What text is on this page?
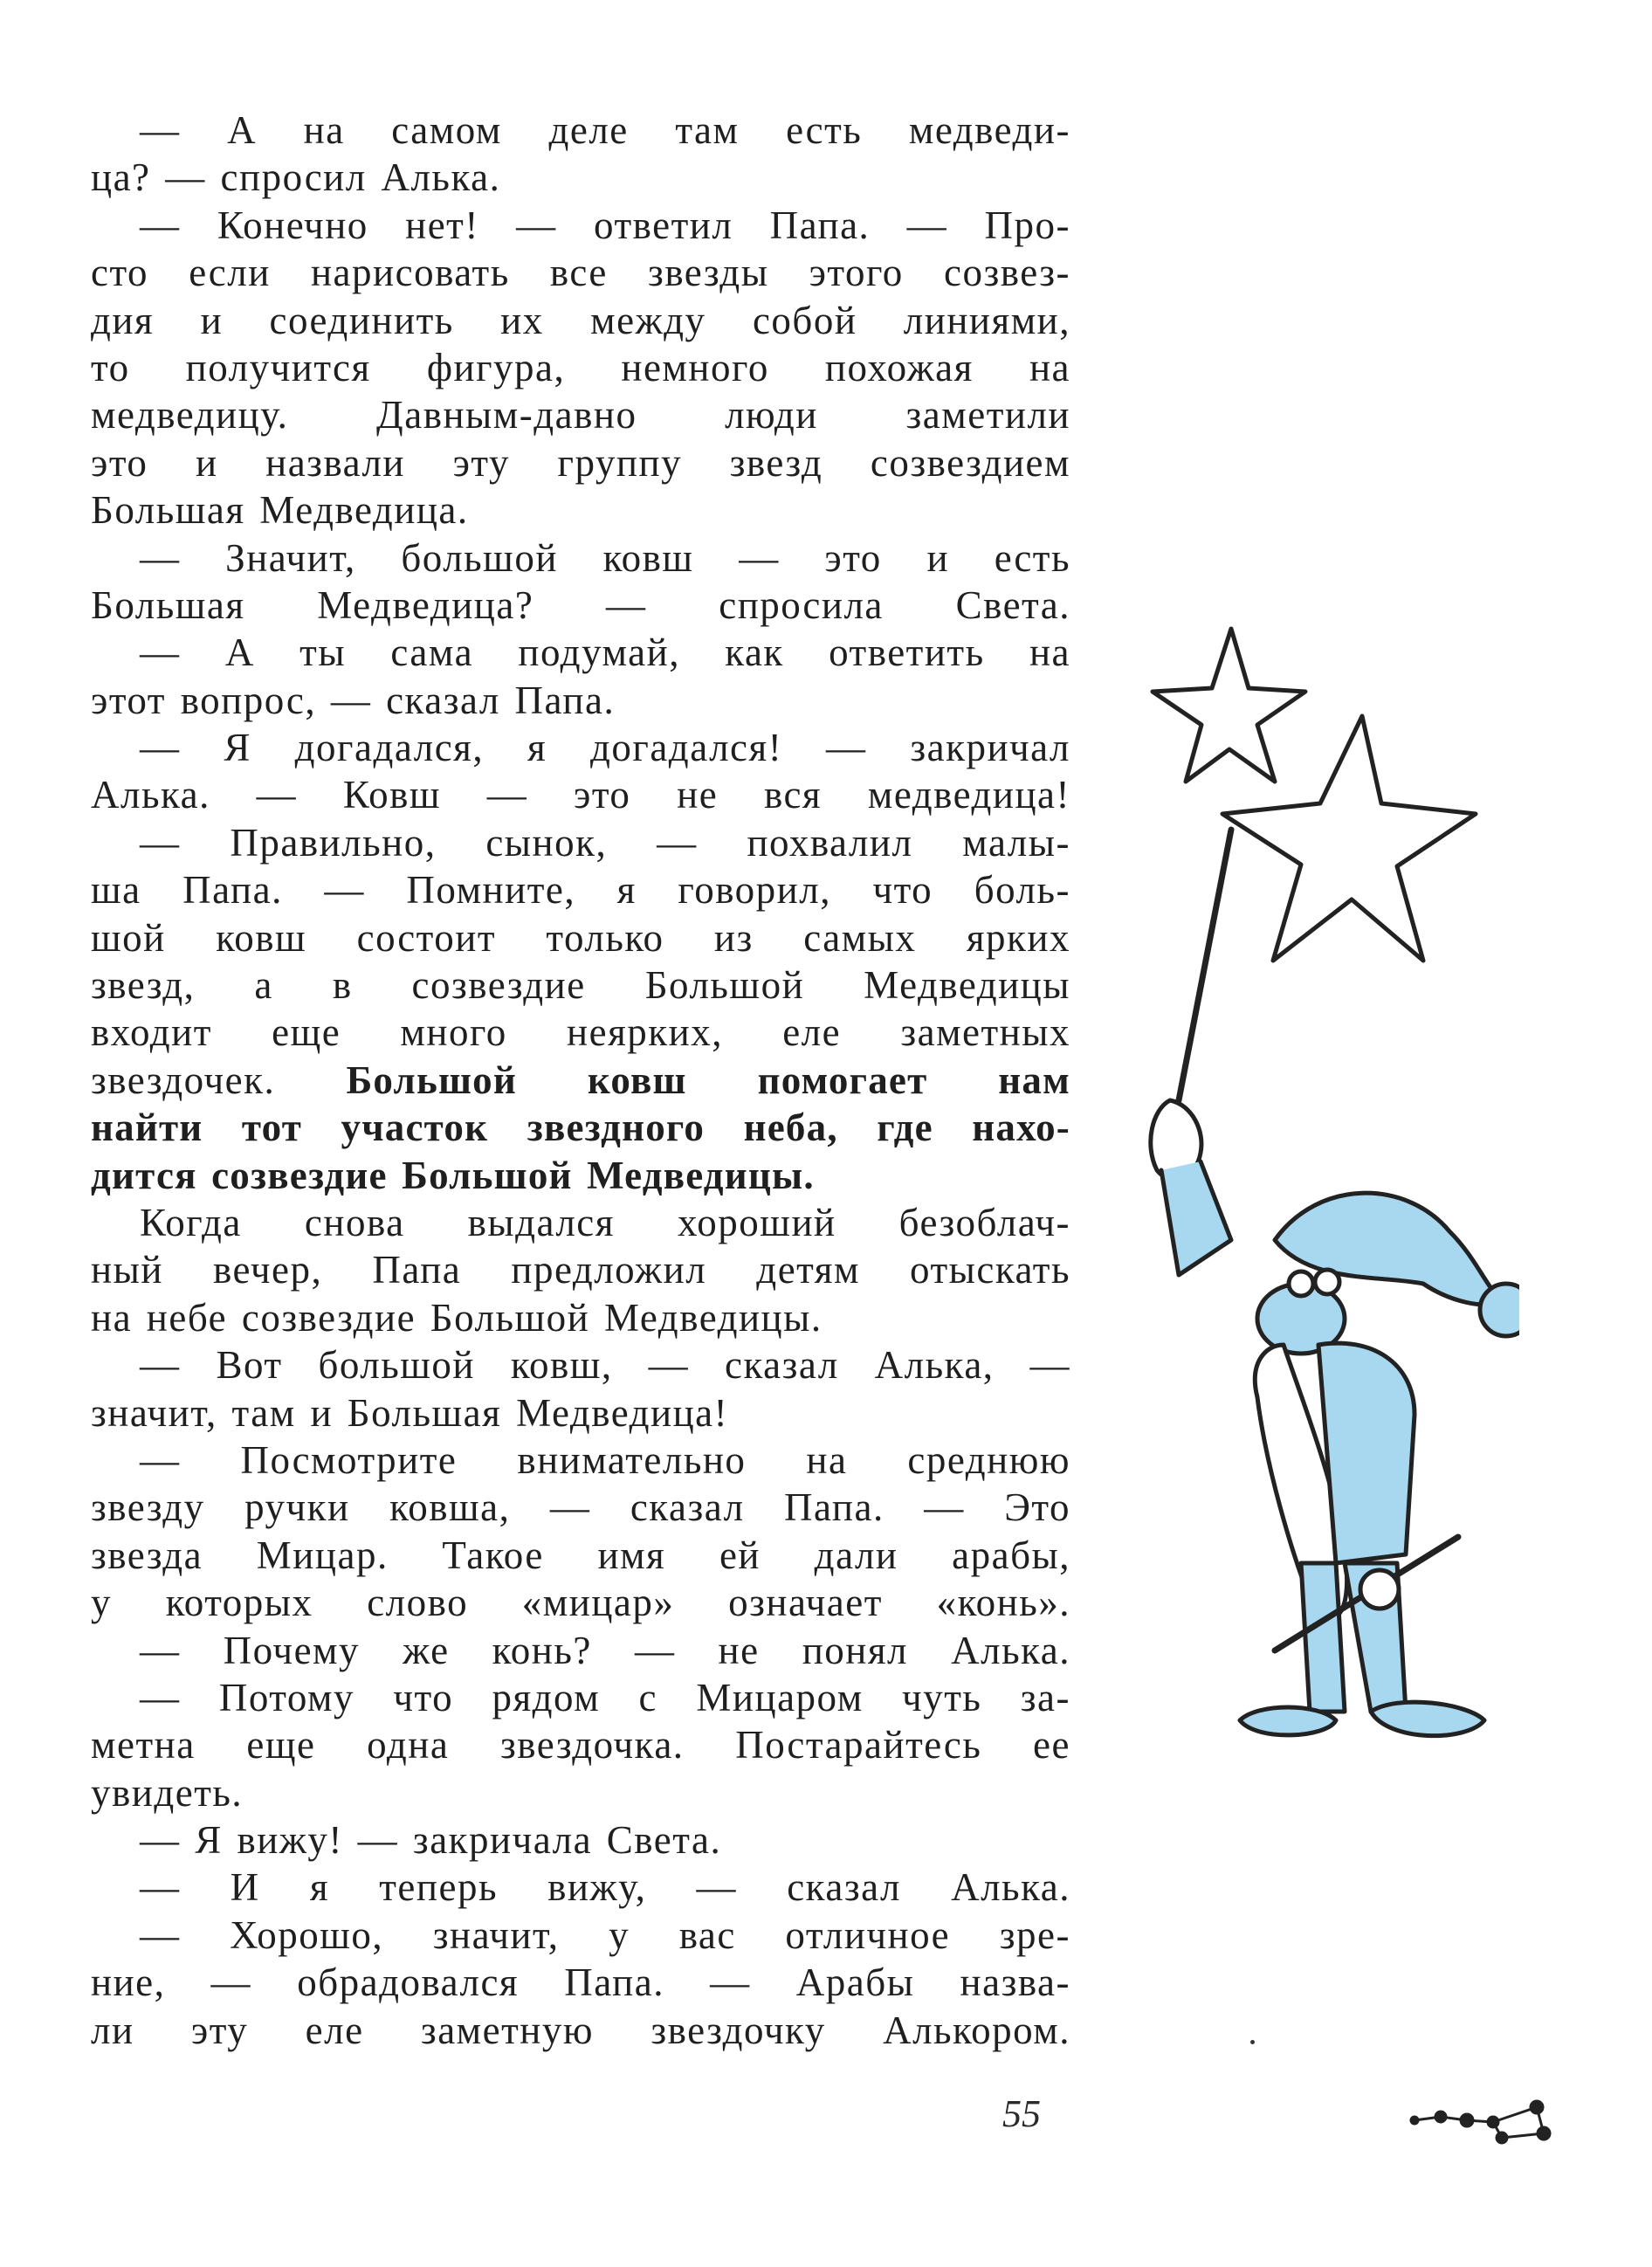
— А на самом деле там есть медведи-
ца? — спросил Алька.
— Конечно нет! — ответил Папа. — Про-
сто если нарисовать все звезды этого созвез-
дия и соединить их между собой линиями,
то получится фигура, немного похожая на
медведицу. Давным-давно люди заметили
это и назвали эту группу звезд созвездием
Большая Медведица.
— Значит, большой ковш — это и есть
Большая Медведица? — спросила Света.
— А ты сама подумай, как ответить на
этот вопрос, — сказал Папа.
— Я догадался, я догадался! — закричал
Алька. — Ковш — это не вся медведица!
— Правильно, сынок, — похвалил малы-
ша Папа. — Помните, я говорил, что боль-
шой ковш состоит только из самых ярких
звезд, а в созвездие Большой Медведицы
входит еще много неярких, еле заметных
звездочек. Большой ковш помогает нам
найти тот участок звездного неба, где нахо-
дится созвездие Большой Медведицы.
Когда снова выдался хороший безоблач-
ный вечер, Папа предложил детям отыскать
на небе созвездие Большой Медведицы.
— Вот большой ковш, — сказал Алька, —
значит, там и Большая Медведица!
— Посмотрите внимательно на среднюю
звезду ручки ковша, — сказал Папа. — Это
звезда Мицар. Такое имя ей дали арабы,
у которых слово «мицар» означает «конь».
— Почему же конь? — не понял Алька.
— Потому что рядом с Мицаром чуть за-
метна еще одна звездочка. Постарайтесь ее
увидеть.
— Я вижу! — закричала Света.
— И я теперь вижу, — сказал Алька.
— Хорошо, значит, у вас отличное зре-
ние, — обрадовался Папа. — Арабы назва-
ли эту еле заметную звездочку Алькором.
55
